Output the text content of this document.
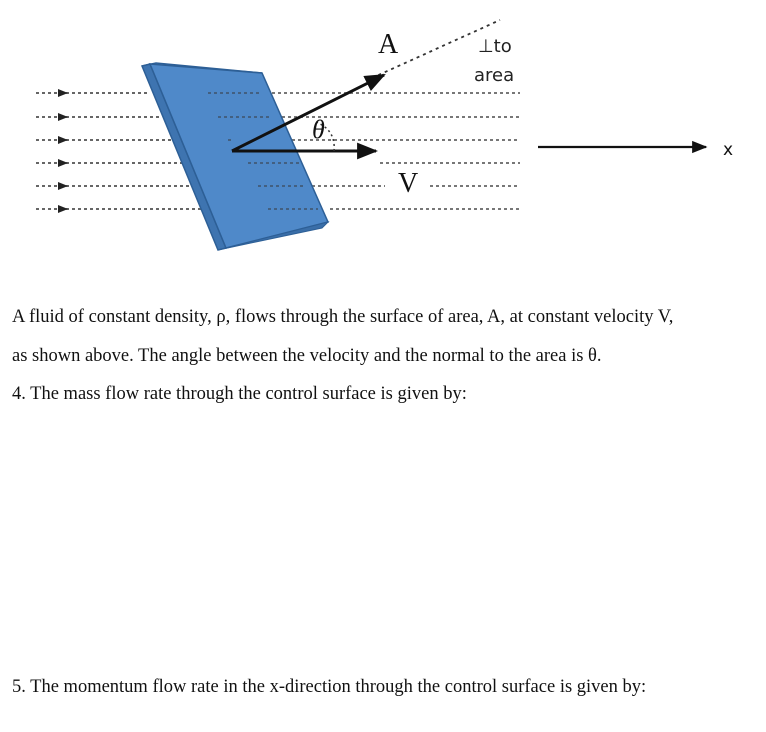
A
θ
V
⊥to
area
x
A fluid of constant density, ρ, flows through the surface of area, A, at constant velocity V,
as shown above. The angle between the velocity and the normal to the area is θ.
4. The mass flow rate through the control surface is given by:
5. The momentum flow rate in the x-direction through the control surface is given by:
